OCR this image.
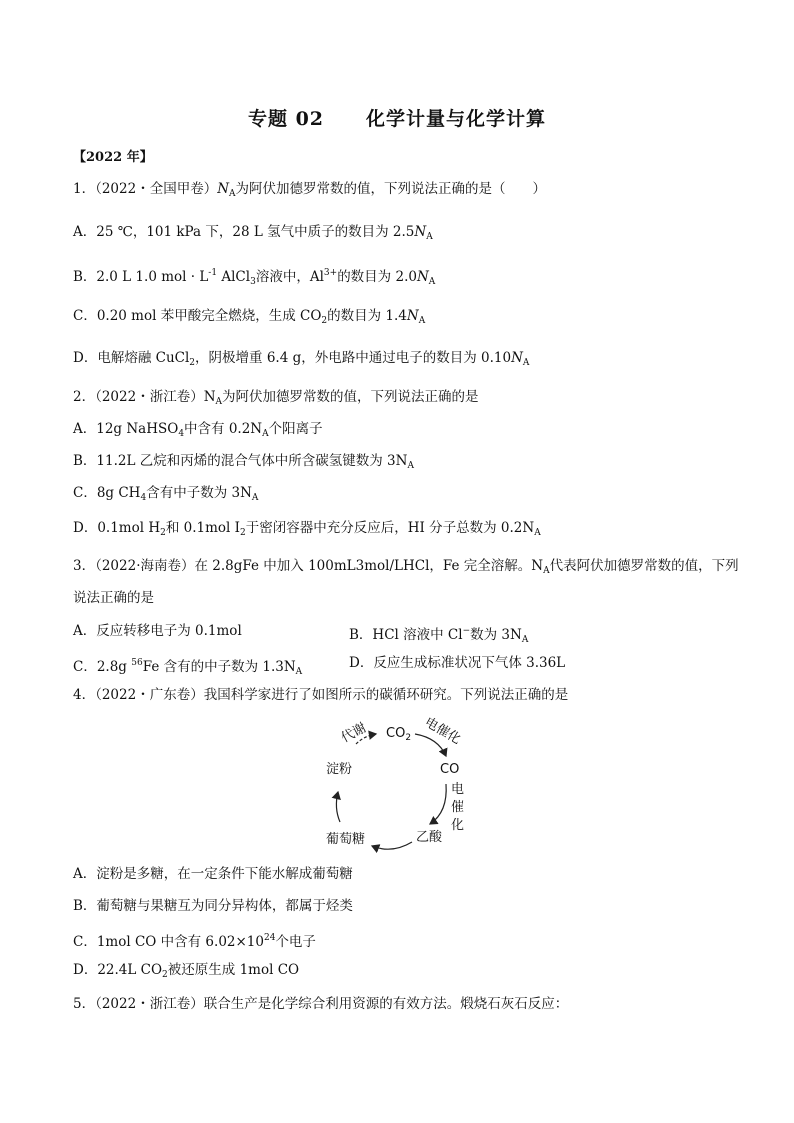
专题 02 化学计量与化学计算
【2022 年】
1．（2022・全国甲卷）$N_A$为阿伏加德罗常数的值，下列说法正确的是（　　）
A．25 ℃，101 kPa 下，28 L 氢气中质子的数目为 $2.5N_A$
B．2.0 L 1.0 mol · $L^{-1}$ AlCl$_3$溶液中，$Al^{3+}$的数目为 $2.0N_A$
C．0.20 mol 苯甲酸完全燃烧，生成 $CO_2$的数目为 $1.4N_A$
D．电解熔融 CuCl$_2$，阴极增重 6.4 g，外电路中通过电子的数目为 $0.10N_A$
2．（2022・浙江卷）$N_A$为阿伏加德罗常数的值，下列说法正确的是
A．12g NaHSO$_4$中含有 $0.2N_A$个阳离子
B．11.2L 乙烷和丙烯的混合气体中所含碳氢键数为 $3N_A$
C．8g $CH_4$含有中子数为 $3N_A$
D．0.1mol $H_2$和 0.1mol $I_2$于密闭容器中充分反应后，HI 分子总数为 $0.2N_A$
3．（2022·海南卷）在 2.8gFe 中加入 100mL3mol/LHCl，Fe 完全溶解。$N_A$代表阿伏加德罗常数的值，下列
说法正确的是
A．反应转移电子为 0.1mol	B．HCl 溶液中 Cl−数为 $3N_A$
C．2.8g $^{56}$Fe 含有的中子数为 $1.3N_A$
D．反应生成标准状况下气体 3.36L
4．（2022・广东卷）我国科学家进行了如图所示的碳循环研究。下列说法正确的是
代谢 $CO_2$ 电催化
淀粉	CO
电
催
化
葡萄糖	乙酸
A．淀粉是多糖，在一定条件下能水解成葡萄糖
B．葡萄糖与果糖互为同分异构体，都属于烃类
C．1mol CO 中含有 $6.02\times 10^{24}$个电子
D．22.4L $CO_2$被还原生成 1mol CO
5．（2022・浙江卷）联合生产是化学综合利用资源的有效方法。煅烧石灰石反应：
